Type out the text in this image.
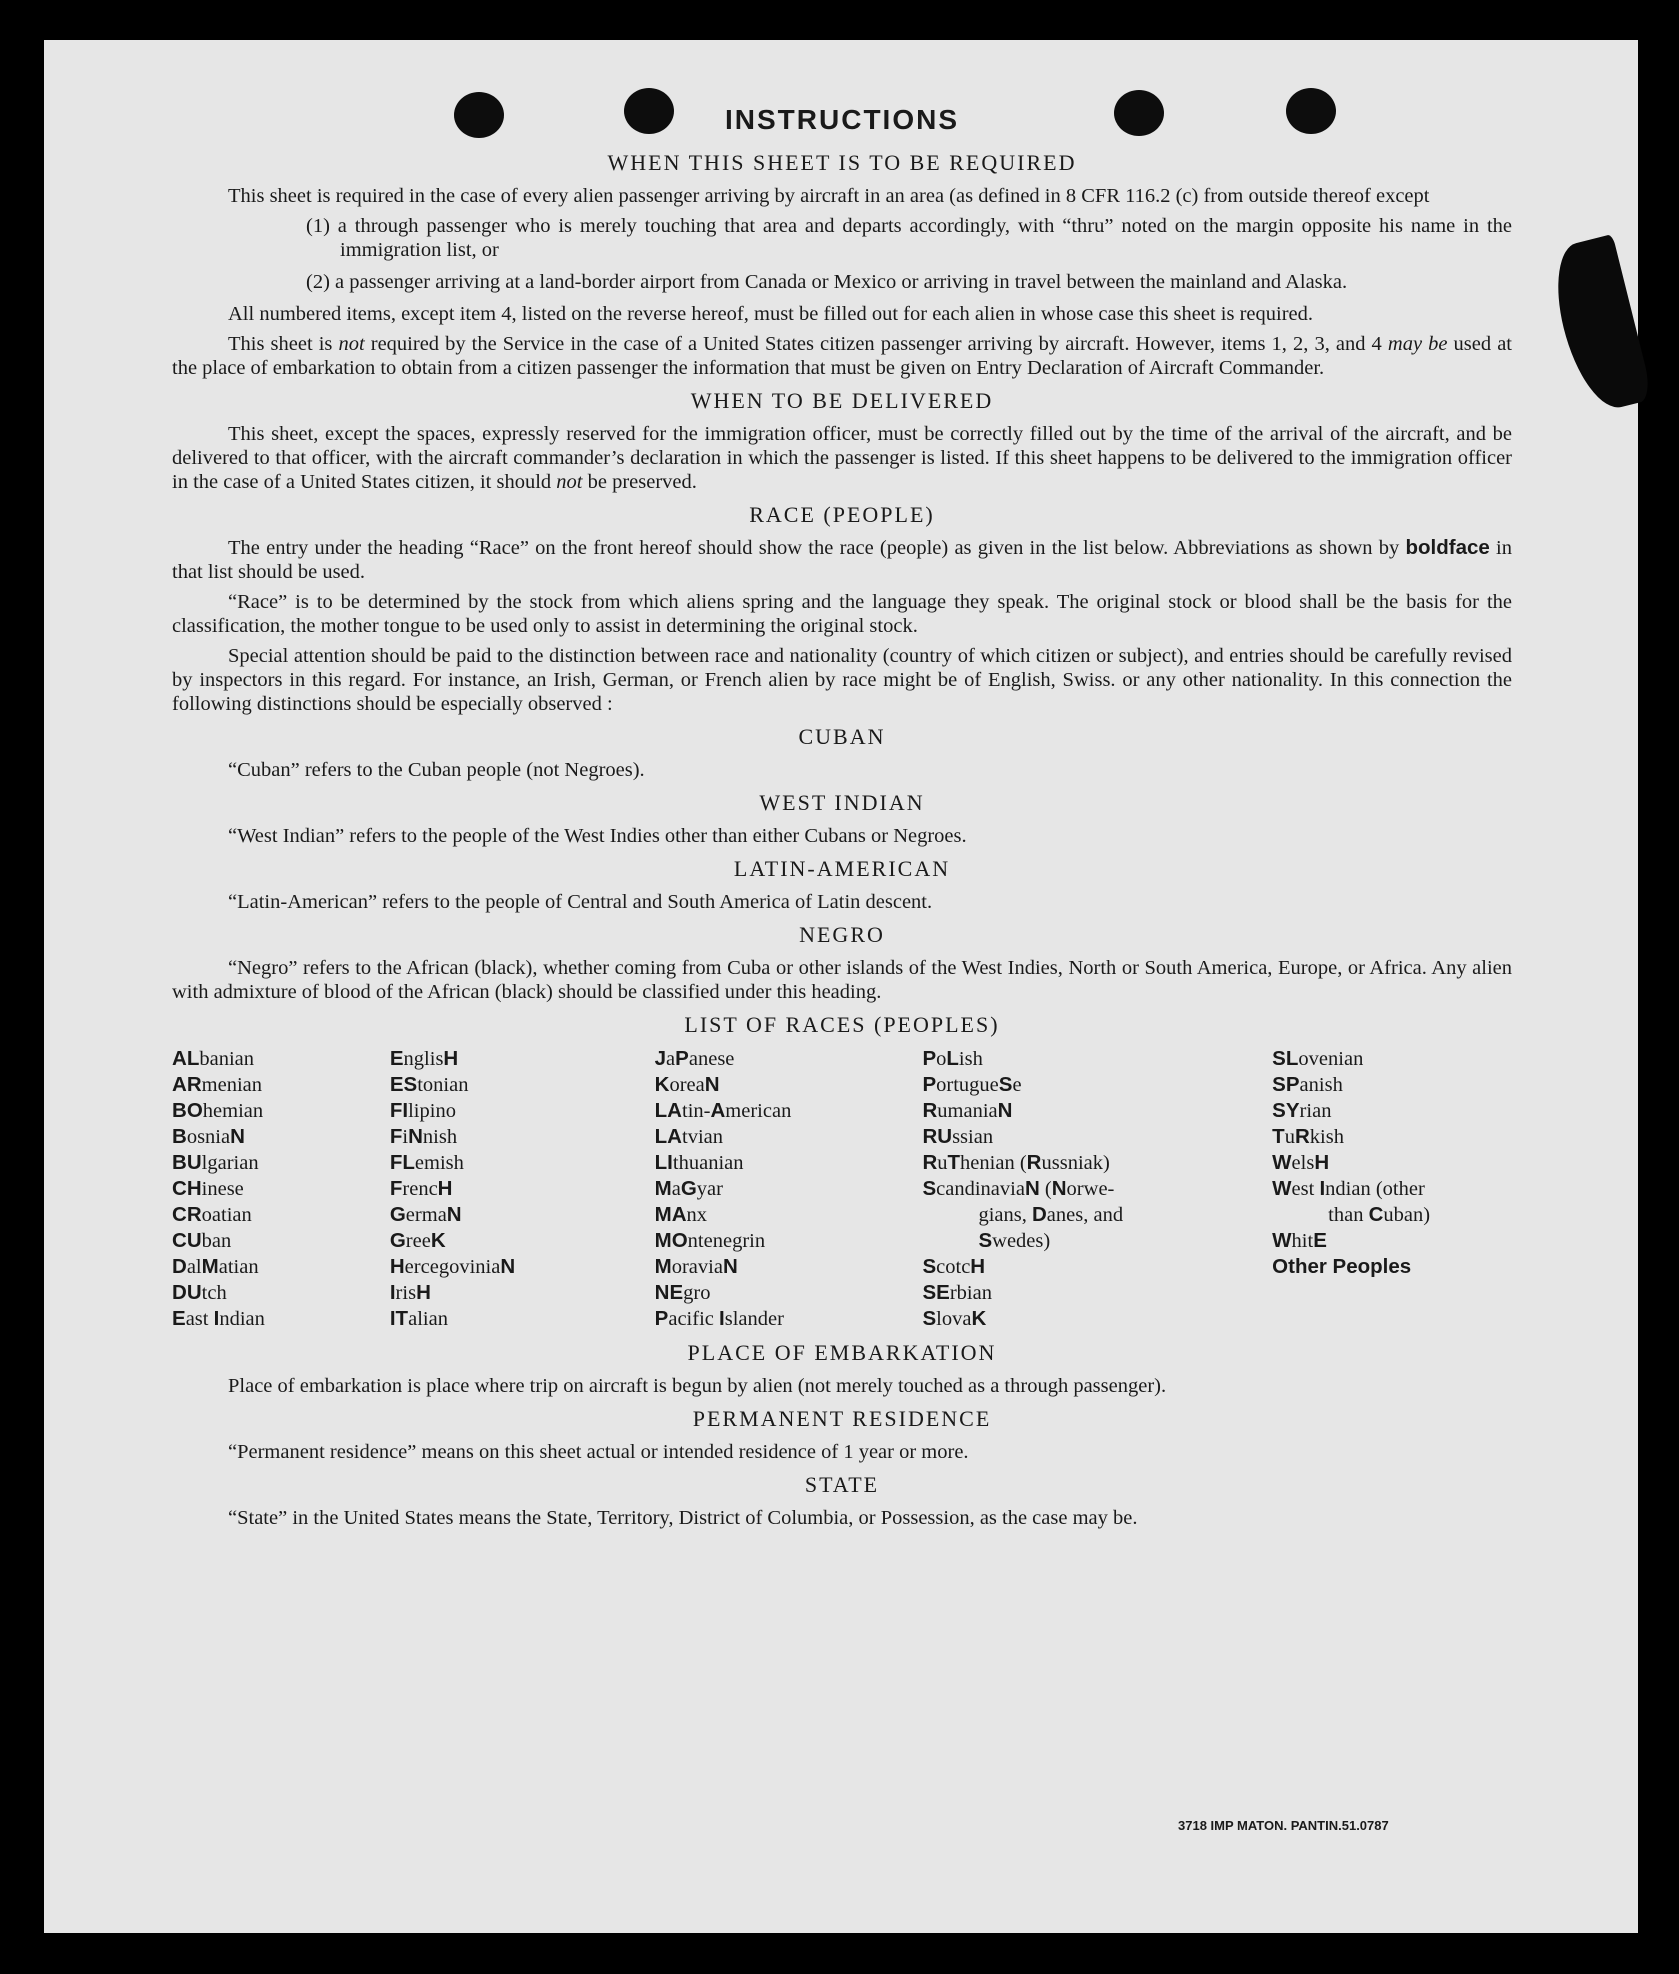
INSTRUCTIONS
WHEN THIS SHEET IS TO BE REQUIRED

This sheet is required in the case of every alien passenger arriving by aircraft in an area (as defined in 8 CFR 116.2 (c) from outside thereof except

(1) a through passenger who is merely touching that area and departs accordingly, with “thru” noted on the margin opposite his name in the immigration list, or
(2) a passenger arriving at a land-border airport from Canada or Mexico or arriving in travel between the mainland and Alaska.

All numbered items, except item 4, listed on the reverse hereof, must be filled out for each alien in whose case this sheet is required.

This sheet is not required by the Service in the case of a United States citizen passenger arriving by aircraft. However, items 1, 2, 3, and 4 may be used at the place of embarkation to obtain from a citizen passenger the information that must be given on Entry Declaration of Aircraft Commander.

WHEN TO BE DELIVERED

This sheet, except the spaces, expressly reserved for the immigration officer, must be correctly filled out by the time of the arrival of the aircraft, and be delivered to that officer, with the aircraft commander’s declaration in which the passenger is listed. If this sheet happens to be delivered to the immigration officer in the case of a United States citizen, it should not be preserved.

RACE (PEOPLE)

The entry under the heading “Race” on the front hereof should show the race (people) as given in the list below. Abbreviations as shown by boldface in that list should be used.

“Race” is to be determined by the stock from which aliens spring and the language they speak. The original stock or blood shall be the basis for the classification, the mother tongue to be used only to assist in determining the original stock.

Special attention should be paid to the distinction between race and nationality (country of which citizen or subject), and entries should be carefully revised by inspectors in this regard. For instance, an Irish, German, or French alien by race might be of English, Swiss. or any other nationality. In this connection the following distinctions should be especially observed :

CUBAN

“Cuban” refers to the Cuban people (not Negroes).

WEST INDIAN

“West Indian” refers to the people of the West Indies other than either Cubans or Negroes.

LATIN-AMERICAN

“Latin-American” refers to the people of Central and South America of Latin descent.

NEGRO

“Negro” refers to the African (black), whether coming from Cuba or other islands of the West Indies, North or South America, Europe, or Africa. Any alien with admixture of blood of the African (black) should be classified under this heading.

LIST OF RACES (PEOPLES)
ALbanian
ARmenian
BOhemian
BosniaN
BUlgarian
CHinese
CRoatian
CUban
DalMatian
DUtch
East Indian
EnglisH
EStonian
FIlipino
FiNnish
FLemish
FrencH
GermaN
GreeK
HercegoviniaN
IrisH
ITalian
JaPanese
KoreaN
LAtin-American
LAtvian
LIthuanian
MaGyar
MAnx
MOntenegrin
MoraviaN
NEgro
Pacific Islander
PoLish
PortugueSe
RumaniaN
RUssian
RuThenian (Russniak)
ScandinaviaN (Norwe-
gians, Danes, and
Swedes)
ScotcH
SErbian
SlovaK
SLovenian
SPanish
SYrian
TuRkish
WelsH
West Indian (other
than Cuban)
WhitE
Other Peoples
PLACE OF EMBARKATION

Place of embarkation is place where trip on aircraft is begun by alien (not merely touched as a through passenger).

PERMANENT RESIDENCE

“Permanent residence” means on this sheet actual or intended residence of 1 year or more.

STATE

“State” in the United States means the State, Territory, District of Columbia, or Possession, as the case may be.

3718 IMP MATON. PANTIN.51.0787
